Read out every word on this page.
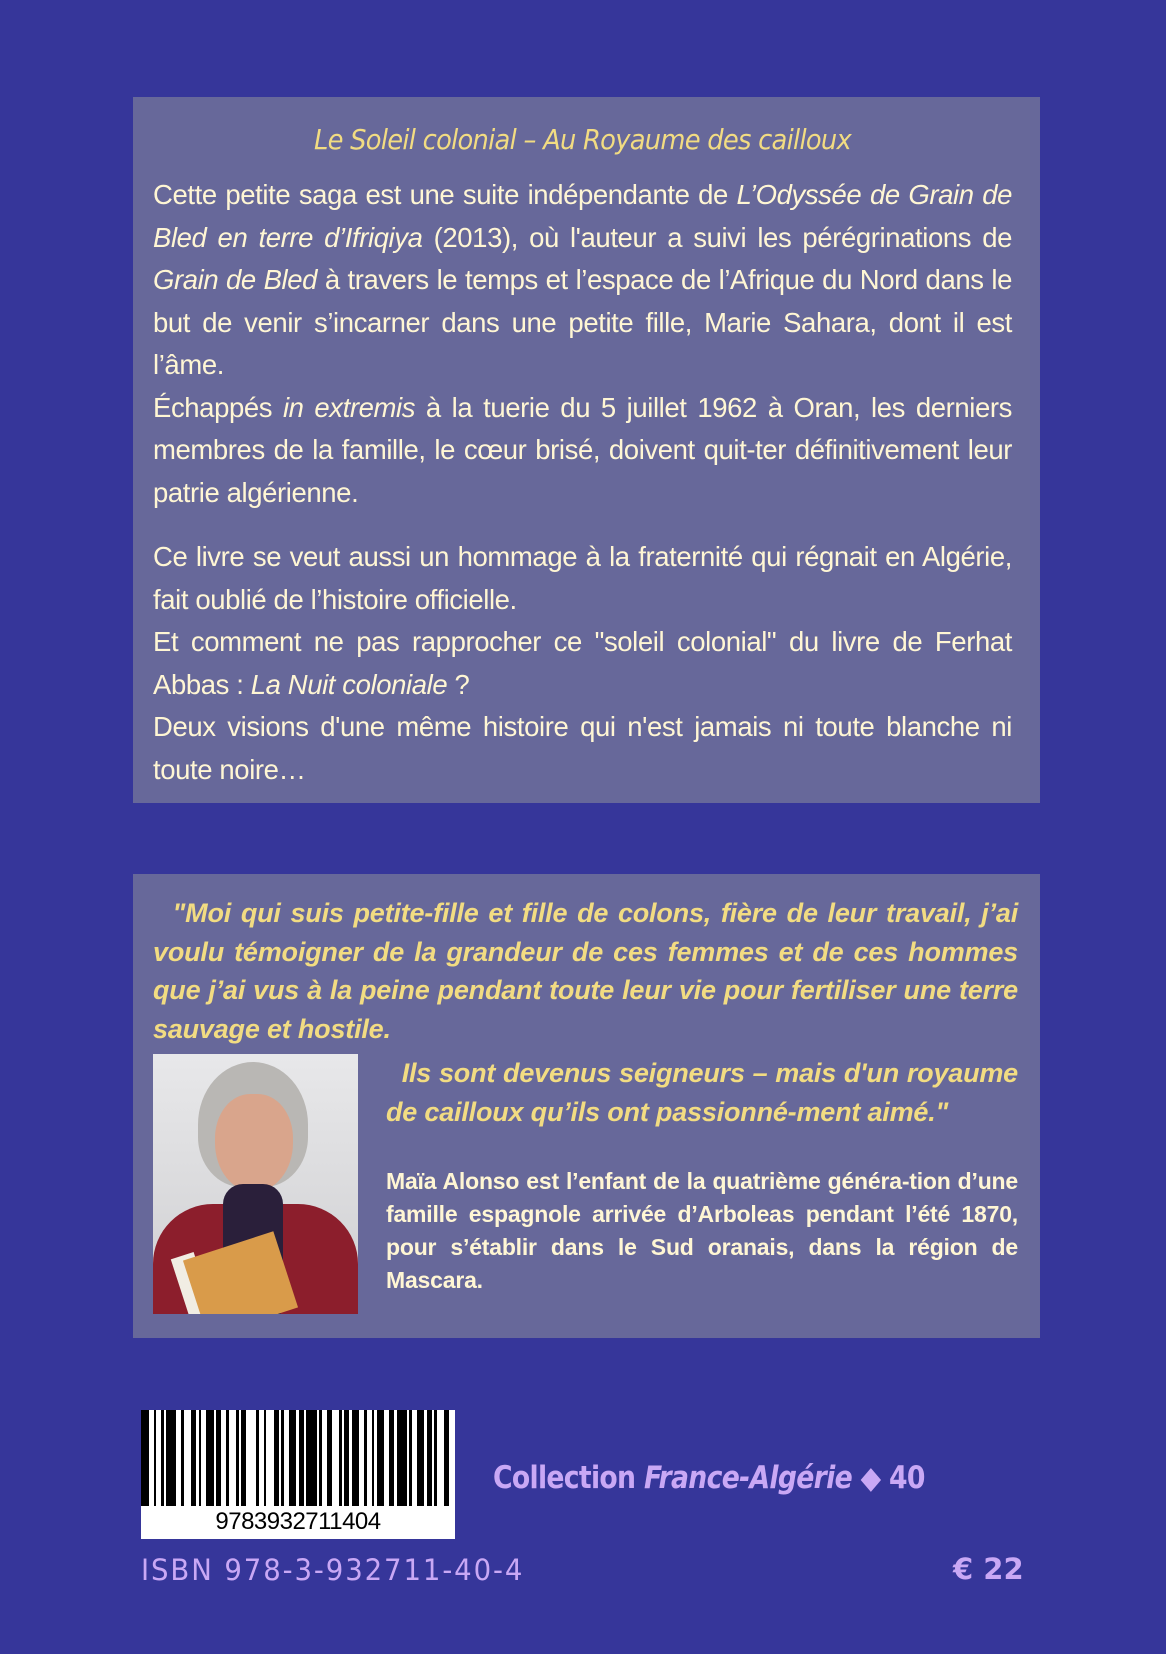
Le Soleil colonial – Au Royaume des cailloux

Cette petite saga est une suite indépendante de L’Odyssée de Grain de Bled en terre d’Ifriqiya (2013), où l'auteur a suivi les pérégrinations de Grain de Bled à travers le temps et l’espace de l’Afrique du Nord dans le but de venir s’incarner dans une petite fille, Marie Sahara, dont il est l’âme.

Échappés in extremis à la tuerie du 5 juillet 1962 à Oran, les derniers membres de la famille, le cœur brisé, doivent quit-ter définitivement leur patrie algérienne.

Ce livre se veut aussi un hommage à la fraternité qui régnait en Algérie, fait oublié de l’histoire officielle.

Et comment ne pas rapprocher ce "soleil colonial" du livre de Ferhat Abbas : La Nuit coloniale ?

Deux visions d'une même histoire qui n'est jamais ni toute blanche ni toute noire…

"Moi qui suis petite-fille et fille de colons, fière de leur travail, j’ai voulu témoigner de la grandeur de ces femmes et de ces hommes que j’ai vus à la peine pendant toute leur vie pour fertiliser une terre sauvage et hostile.

Ils sont devenus seigneurs – mais d'un royaume de cailloux qu’ils ont passionné-ment aimé."
Maïa Alonso est l’enfant de la quatrième généra-tion d’une famille espagnole arrivée d’Arboleas pendant l’été 1870, pour s’établir dans le Sud oranais, dans la région de Mascara.
9783932711404
Collection France-Algérie ◆ 40
ISBN 978-3-932711-40-4	€ 22
